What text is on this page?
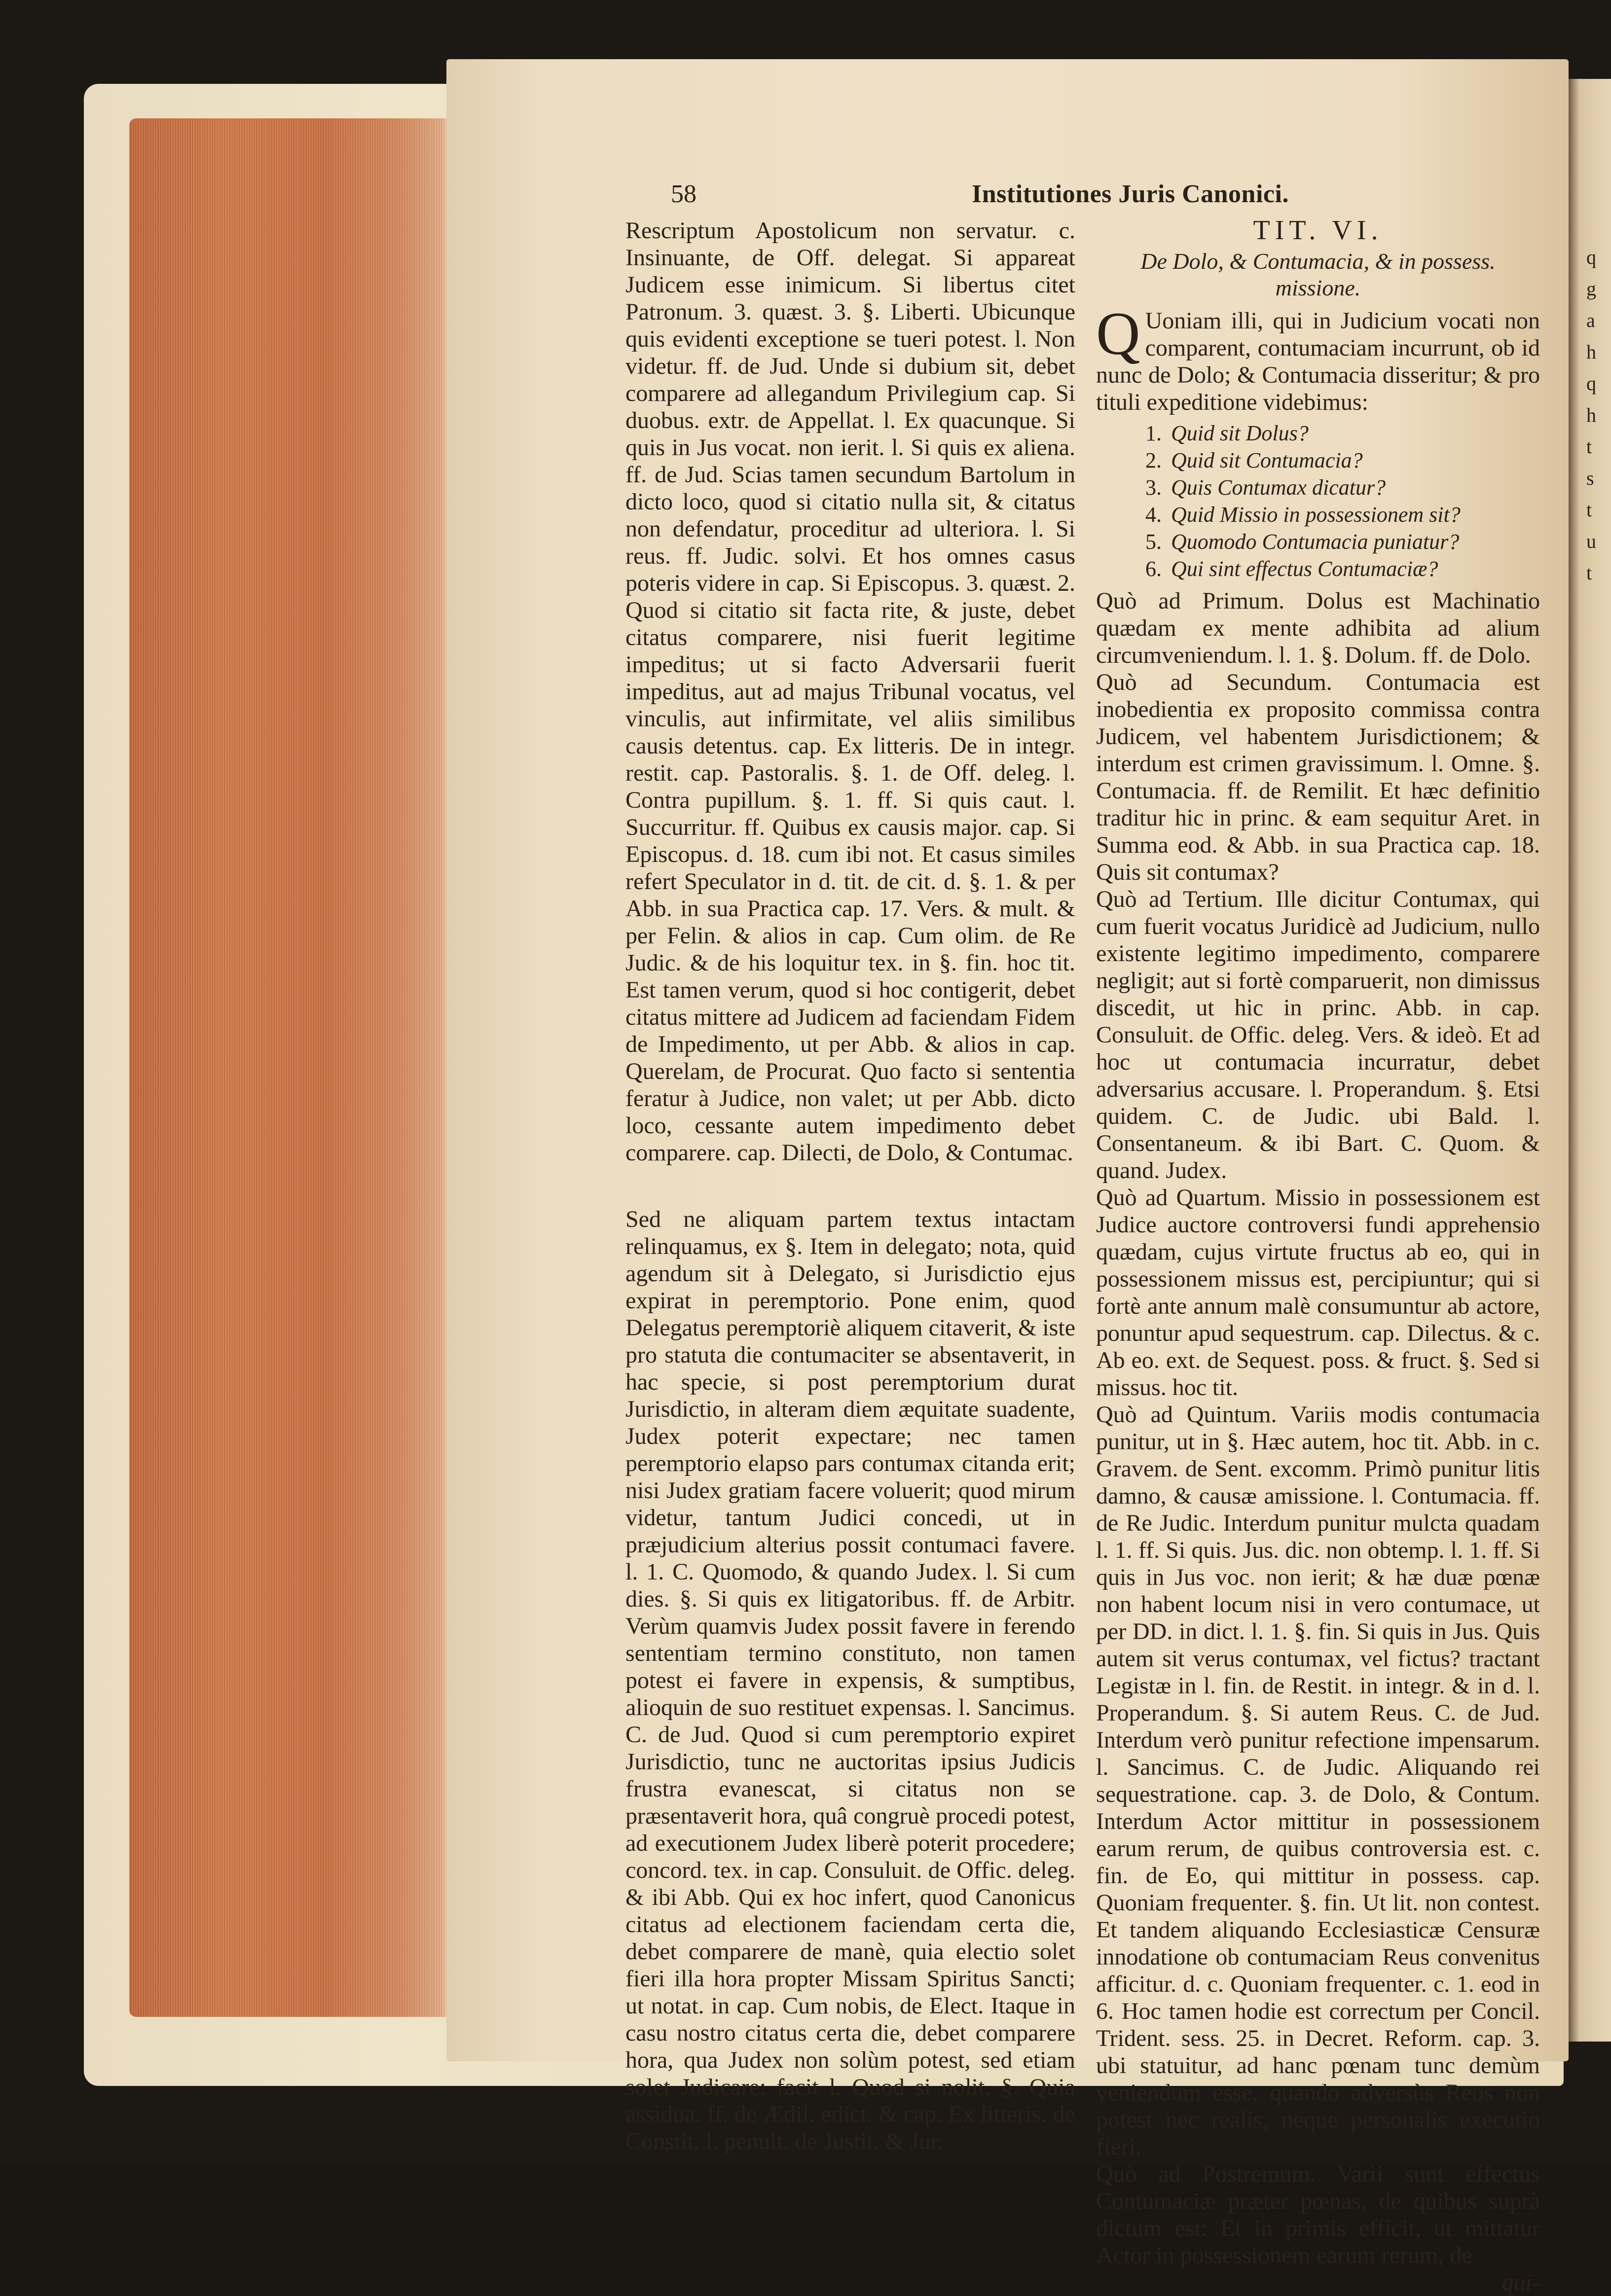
q
g
a
h
q
h
t
s
t
u
t
58	Institutiones Juris Canonici.

Rescriptum Apostolicum non servatur. c. Insinuante, de Off. delegat. Si appareat Judicem esse inimicum. Si libertus citet Patronum. 3. quæst. 3. §. Liberti. Ubicunque quis evidenti exceptione se tueri potest. l. Non videtur. ff. de Jud. Unde si dubium sit, debet comparere ad allegandum Privilegium cap. Si duobus. extr. de Appellat. l. Ex quacunque. Si quis in Jus vocat. non ierit. l. Si quis ex aliena. ff. de Jud. Scias tamen secundum Bartolum in dicto loco, quod si citatio nulla sit, & citatus non defendatur, proceditur ad ulteriora. l. Si reus. ff. Judic. solvi. Et hos omnes casus poteris videre in cap. Si Episcopus. 3. quæst. 2. Quod si citatio sit facta rite, & juste, debet citatus comparere, nisi fuerit legitime impeditus; ut si facto Adversarii fuerit impeditus, aut ad majus Tribunal vocatus, vel vinculis, aut infirmitate, vel aliis similibus causis detentus. cap. Ex litteris. De in integr. restit. cap. Pastoralis. §. 1. de Off. deleg. l. Contra pupillum. §. 1. ff. Si quis caut. l. Succurritur. ff. Quibus ex causis major. cap. Si Episcopus. d. 18. cum ibi not. Et casus similes refert Speculator in d. tit. de cit. d. §. 1. & per Abb. in sua Practica cap. 17. Vers. & mult. & per Felin. & alios in cap. Cum olim. de Re Judic. & de his loquitur tex. in §. fin. hoc tit. Est tamen verum, quod si hoc contigerit, debet citatus mittere ad Judicem ad faciendam Fidem de Impedimento, ut per Abb. & alios in cap. Querelam, de Procurat. Quo facto si sententia feratur à Judice, non valet; ut per Abb. dicto loco, cessante autem impedimento debet comparere. cap. Dilecti, de Dolo, & Contumac.

Sed ne aliquam partem textus intactam relinquamus, ex §. Item in delegato; nota, quid agendum sit à Delegato, si Jurisdictio ejus expirat in peremptorio. Pone enim, quod Delegatus peremptoriè aliquem citaverit, & iste pro statuta die contumaciter se absentaverit, in hac specie, si post peremptorium durat Jurisdictio, in alteram diem æquitate suadente, Judex poterit expectare; nec tamen peremptorio elapso pars contumax citanda erit; nisi Judex gratiam facere voluerit; quod mirum videtur, tantum Judici concedi, ut in præjudicium alterius possit contumaci favere. l. 1. C. Quomodo, & quando Judex. l. Si cum dies. §. Si quis ex litigatoribus. ff. de Arbitr. Verùm quamvis Judex possit favere in ferendo sententiam termino constituto, non tamen potest ei favere in expensis, & sumptibus, alioquin de suo restituet expensas. l. Sancimus. C. de Jud. Quod si cum peremptorio expiret Jurisdictio, tunc ne auctoritas ipsius Judicis frustra evanescat, si citatus non se præsentaverit hora, quâ congruè procedi potest, ad executionem Judex liberè poterit procedere; concord. tex. in cap. Consuluit. de Offic. deleg. & ibi Abb. Qui ex hoc infert, quod Canonicus citatus ad electionem faciendam certa die, debet comparere de manè, quia electio solet fieri illa hora propter Missam Spiritus Sancti; ut notat. in cap. Cum nobis, de Elect. Itaque in casu nostro citatus certa die, debet comparere hora, qua Judex non solùm potest, sed etiam solet Judicare: facit l. Quod si nolit. §. Quia assidua. ff. de Ædil. edict. & cap. Ex litteris. de Constit. l. penult. de Justit. & Jur.

TIT. VI.
De Dolo, & Contumacia, & in possess. missione.

Q Uoniam illi, qui in Judicium vocati non comparent, contumaciam incurrunt, ob id nunc de Dolo; & Contumacia disseritur; & pro tituli expeditione videbimus:

1. Quid sit Dolus?
2. Quid sit Contumacia?
3. Quis Contumax dicatur?
4. Quid Missio in possessionem sit?
5. Quomodo Contumacia puniatur?
6. Qui sint effectus Contumaciæ?

Quò ad Primum. Dolus est Machinatio quædam ex mente adhibita ad alium circumveniendum. l. 1. §. Dolum. ff. de Dolo.

Quò ad Secundum. Contumacia est inobedientia ex proposito commissa contra Judicem, vel habentem Jurisdictionem; & interdum est crimen gravissimum. l. Omne. §. Contumacia. ff. de Remilit. Et hæc definitio traditur hic in princ. & eam sequitur Aret. in Summa eod. & Abb. in sua Practica cap. 18. Quis sit contumax?

Quò ad Tertium. Ille dicitur Contumax, qui cum fuerit vocatus Juridicè ad Judicium, nullo existente legitimo impedimento, comparere negligit; aut si fortè comparuerit, non dimissus discedit, ut hic in princ. Abb. in cap. Consuluit. de Offic. deleg. Vers. & ideò. Et ad hoc ut contumacia incurratur, debet adversarius accusare. l. Properandum. §. Etsi quidem. C. de Judic. ubi Bald. l. Consentaneum. & ibi Bart. C. Quom. & quand. Judex.

Quò ad Quartum. Missio in possessionem est Judice auctore controversi fundi apprehensio quædam, cujus virtute fructus ab eo, qui in possessionem missus est, percipiuntur; qui si fortè ante annum malè consumuntur ab actore, ponuntur apud sequestrum. cap. Dilectus. & c. Ab eo. ext. de Sequest. poss. & fruct. §. Sed si missus. hoc tit.

Quò ad Quintum. Variis modis contumacia punitur, ut in §. Hæc autem, hoc tit. Abb. in c. Gravem. de Sent. excomm. Primò punitur litis damno, & causæ amissione. l. Contumacia. ff. de Re Judic. Interdum punitur mulcta quadam l. 1. ff. Si quis. Jus. dic. non obtemp. l. 1. ff. Si quis in Jus voc. non ierit; & hæ duæ pœnæ non habent locum nisi in vero contumace, ut per DD. in dict. l. 1. §. fin. Si quis in Jus. Quis autem sit verus contumax, vel fictus? tractant Legistæ in l. fin. de Restit. in integr. & in d. l. Properandum. §. Si autem Reus. C. de Jud. Interdum verò punitur refectione impensarum. l. Sancimus. C. de Judic. Aliquando rei sequestratione. cap. 3. de Dolo, & Contum. Interdum Actor mittitur in possessionem earum rerum, de quibus controversia est. c. fin. de Eo, qui mittitur in possess. cap. Quoniam frequenter. §. fin. Ut lit. non contest. Et tandem aliquando Ecclesiasticæ Censuræ innodatione ob contumaciam Reus convenitus afficitur. d. c. Quoniam frequenter. c. 1. eod in 6. Hoc tamen hodie est correctum per Concil. Trident. sess. 25. in Decret. Reform. cap. 3. ubi statuitur, ad hanc pœnam tunc demùm veniendum esse, quando adversùs Reos non potest nec realis, neque personalis executio fieri.

Quò ad Postremum. Varii sunt effectus Contumaciæ præter pœnas, de quibus suprà dictum est: Et in primis efficit, ut mittatur Actor in possessionem earum rerum, de

qui-
